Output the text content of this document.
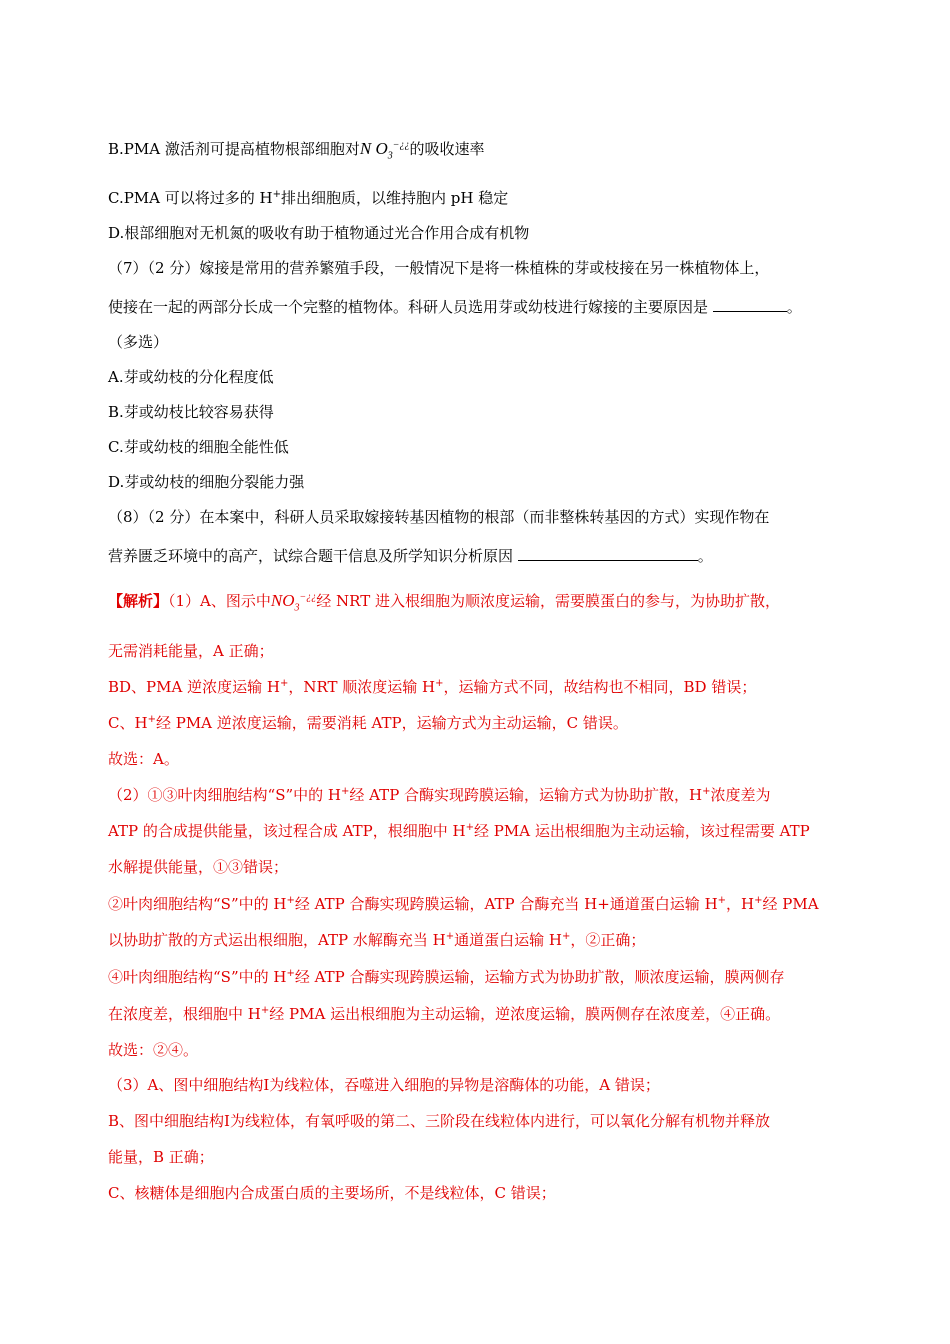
B.PMA 激活剂可提高植物根部细胞对N $O_3^{-¿¿}$的吸收速率
C.PMA 可以将过多的 H+排出细胞质，以维持胞内 pH 稳定
D.根部细胞对无机氮的吸收有助于植物通过光合作用合成有机物
（7）（2 分）嫁接是常用的营养繁殖手段，一般情况下是将一株植株的芽或枝接在另一株植物体上，
使接在一起的两部分长成一个完整的植物体。科研人员选用芽或幼枝进行嫁接的主要原因是	。
（多选）
A.芽或幼枝的分化程度低
B.芽或幼枝比较容易获得
C.芽或幼枝的细胞全能性低
D.芽或幼枝的细胞分裂能力强
（8）（2 分）在本案中，科研人员采取嫁接转基因植物的根部（而非整株转基因的方式）实现作物在
营养匮乏环境中的高产，试综合题干信息及所学知识分析原因	。
【解析】（1）A、图示中$NO_3^{-¿¿}$经 NRT 进入根细胞为顺浓度运输，需要膜蛋白的参与，为协助扩散，
无需消耗能量，A 正确；
BD、PMA 逆浓度运输 H+，NRT 顺浓度运输 H+，运输方式不同，故结构也不相同，BD 错误；
C、H+经 PMA 逆浓度运输，需要消耗 ATP，运输方式为主动运输，C 错误。
故选：A。
（2）①③叶肉细胞结构“S”中的 H+经 ATP 合酶实现跨膜运输，运输方式为协助扩散，H+浓度差为
ATP 的合成提供能量，该过程合成 ATP，根细胞中 H+经 PMA 运出根细胞为主动运输，该过程需要 ATP
水解提供能量，①③错误；
②叶肉细胞结构“S”中的 H+经 ATP 合酶实现跨膜运输，ATP 合酶充当 H+通道蛋白运输 H+，H+经 PMA
以协助扩散的方式运出根细胞，ATP 水解酶充当 H+通道蛋白运输 H+，②正确；
④叶肉细胞结构“S”中的 H+经 ATP 合酶实现跨膜运输，运输方式为协助扩散，顺浓度运输，膜两侧存
在浓度差，根细胞中 H+经 PMA 运出根细胞为主动运输，逆浓度运输，膜两侧存在浓度差，④正确。
故选：②④。
（3）A、图中细胞结构Ⅰ为线粒体，吞噬进入细胞的异物是溶酶体的功能，A 错误；
B、图中细胞结构Ⅰ为线粒体，有氧呼吸的第二、三阶段在线粒体内进行，可以氧化分解有机物并释放
能量，B 正确；
C、核糖体是细胞内合成蛋白质的主要场所，不是线粒体，C 错误；
